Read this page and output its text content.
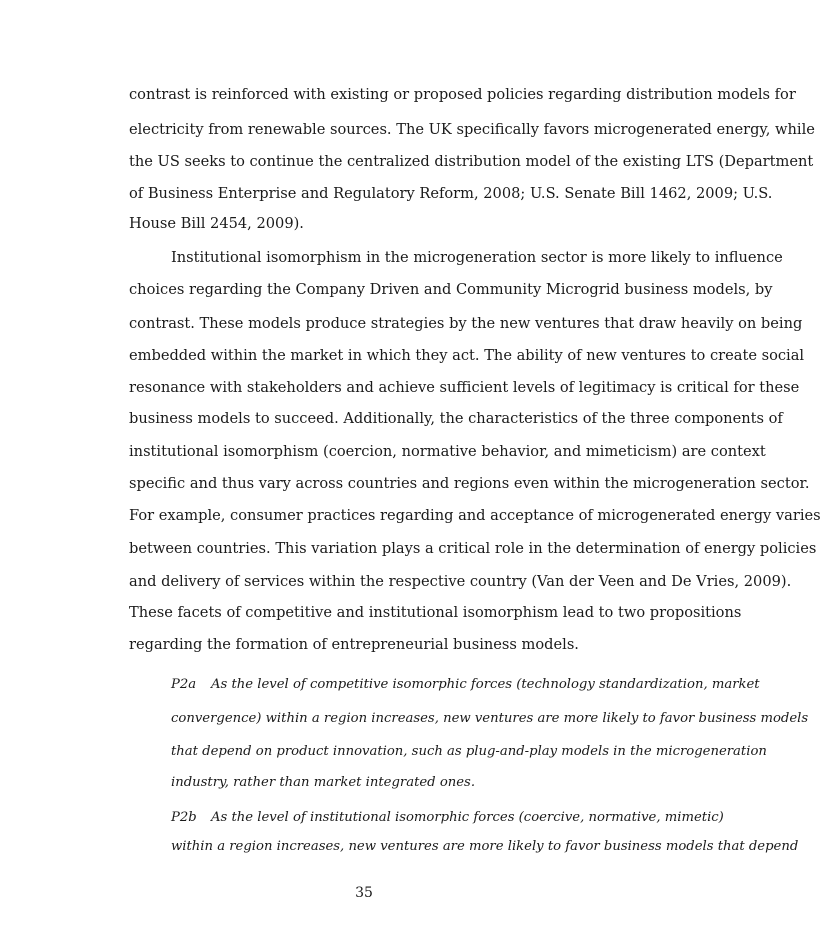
contrast is reinforced with existing or proposed policies regarding distribution models for
electricity from renewable sources. The UK specifically favors microgenerated energy, while
the US seeks to continue the centralized distribution model of the existing LTS (Department
of Business Enterprise and Regulatory Reform, 2008; U.S. Senate Bill 1462, 2009; U.S.
House Bill 2454, 2009).
Institutional isomorphism in the microgeneration sector is more likely to influence
choices regarding the Company Driven and Community Microgrid business models, by
contrast. These models produce strategies by the new ventures that draw heavily on being
embedded within the market in which they act. The ability of new ventures to create social
resonance with stakeholders and achieve sufficient levels of legitimacy is critical for these
business models to succeed. Additionally, the characteristics of the three components of
institutional isomorphism (coercion, normative behavior, and mimeticism) are context
specific and thus vary across countries and regions even within the microgeneration sector.
For example, consumer practices regarding and acceptance of microgenerated energy varies
between countries. This variation plays a critical role in the determination of energy policies
and delivery of services within the respective country (Van der Veen and De Vries, 2009).
These facets of competitive and institutional isomorphism lead to two propositions
regarding the formation of entrepreneurial business models.
P2a As the level of competitive isomorphic forces (technology standardization, market
convergence) within a region increases, new ventures are more likely to favor business models
that depend on product innovation, such as plug-and-play models in the microgeneration
industry, rather than market integrated ones.
P2b As the level of institutional isomorphic forces (coercive, normative, mimetic)
within a region increases, new ventures are more likely to favor business models that depend
35
